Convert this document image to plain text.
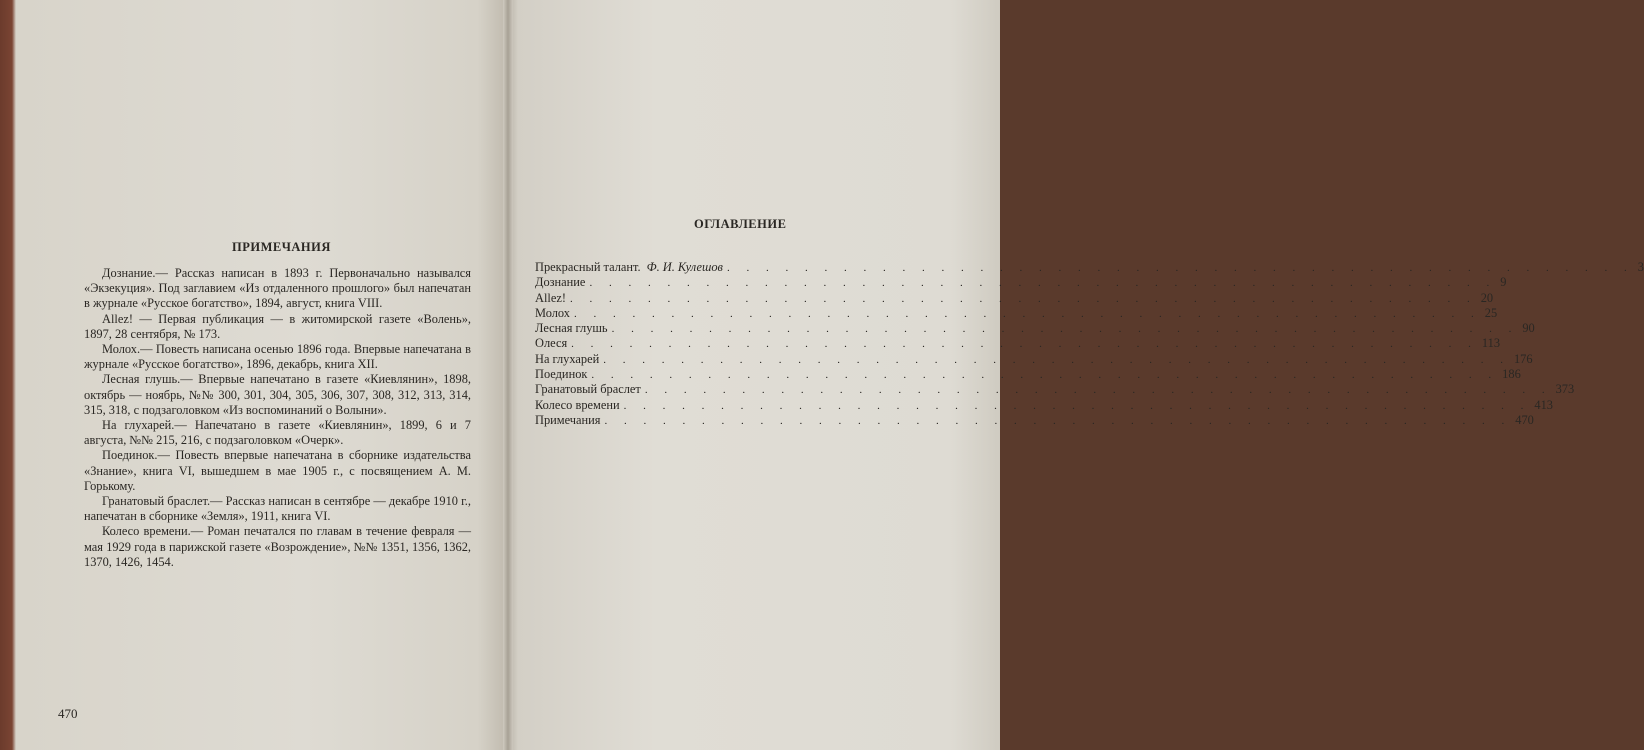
ПРИМЕЧАНИЯ

Дознание.— Рассказ написан в 1893 г. Первоначально назывался «Экзекуция». Под заглавием «Из отдаленного прошлого» был напечатан в журнале «Русское богатство», 1894, август, книга VIII.

Allez! — Первая публикация — в житомирской газете «Волень», 1897, 28 сентября, № 173.

Молох.— Повесть написана осенью 1896 года. Впервые напечатана в журнале «Русское богатство», 1896, декабрь, книга XII.

Лесная глушь.— Впервые напечатано в газете «Киевлянин», 1898, октябрь — ноябрь, №№ 300, 301, 304, 305, 306, 307, 308, 312, 313, 314, 315, 318, с подзаголовком «Из воспоминаний о Волыни».

На глухарей.— Напечатано в газете «Киевлянин», 1899, 6 и 7 августа, №№ 215, 216, с подзаголовком «Очерк».

Поединок.— Повесть впервые напечатана в сборнике издательства «Знание», книга VI, вышедшем в мае 1905 г., с посвящением А. М. Горькому.

Гранатовый браслет.— Рассказ написан в сентябре — декабре 1910 г., напечатан в сборнике «Земля», 1911, книга VI.

Колесо времени.— Роман печатался по главам в течение февраля — мая 1929 года в парижской газете «Возрождение», №№ 1351, 1356, 1362, 1370, 1426, 1454.

470
ОГЛАВЛЕНИЕ
Прекрасный талант. Ф. И. Кулешов . . . . . . . . . . . . . . . . . . . . . . . . . . . . . . . . . . . . . . . . . . . . . . . 3
Дознание . . . . . . . . . . . . . . . . . . . . . . . . . . . . . . . . . . . . . . . . . . . . . . . 9
Allez! . . . . . . . . . . . . . . . . . . . . . . . . . . . . . . . . . . . . . . . . . . . . . . . 20
Молох . . . . . . . . . . . . . . . . . . . . . . . . . . . . . . . . . . . . . . . . . . . . . . . 25
Лесная глушь . . . . . . . . . . . . . . . . . . . . . . . . . . . . . . . . . . . . . . . . . . . . . . . 90
Олеся . . . . . . . . . . . . . . . . . . . . . . . . . . . . . . . . . . . . . . . . . . . . . . . 113
На глухарей . . . . . . . . . . . . . . . . . . . . . . . . . . . . . . . . . . . . . . . . . . . . . . . 176
Поединок . . . . . . . . . . . . . . . . . . . . . . . . . . . . . . . . . . . . . . . . . . . . . . . 186
Гранатовый браслет . . . . . . . . . . . . . . . . . . . . . . . . . . . . . . . . . . . . . . . . . . . . . . . 373
Колесо времени . . . . . . . . . . . . . . . . . . . . . . . . . . . . . . . . . . . . . . . . . . . . . . . 413
Примечания . . . . . . . . . . . . . . . . . . . . . . . . . . . . . . . . . . . . . . . . . . . . . . . 470
